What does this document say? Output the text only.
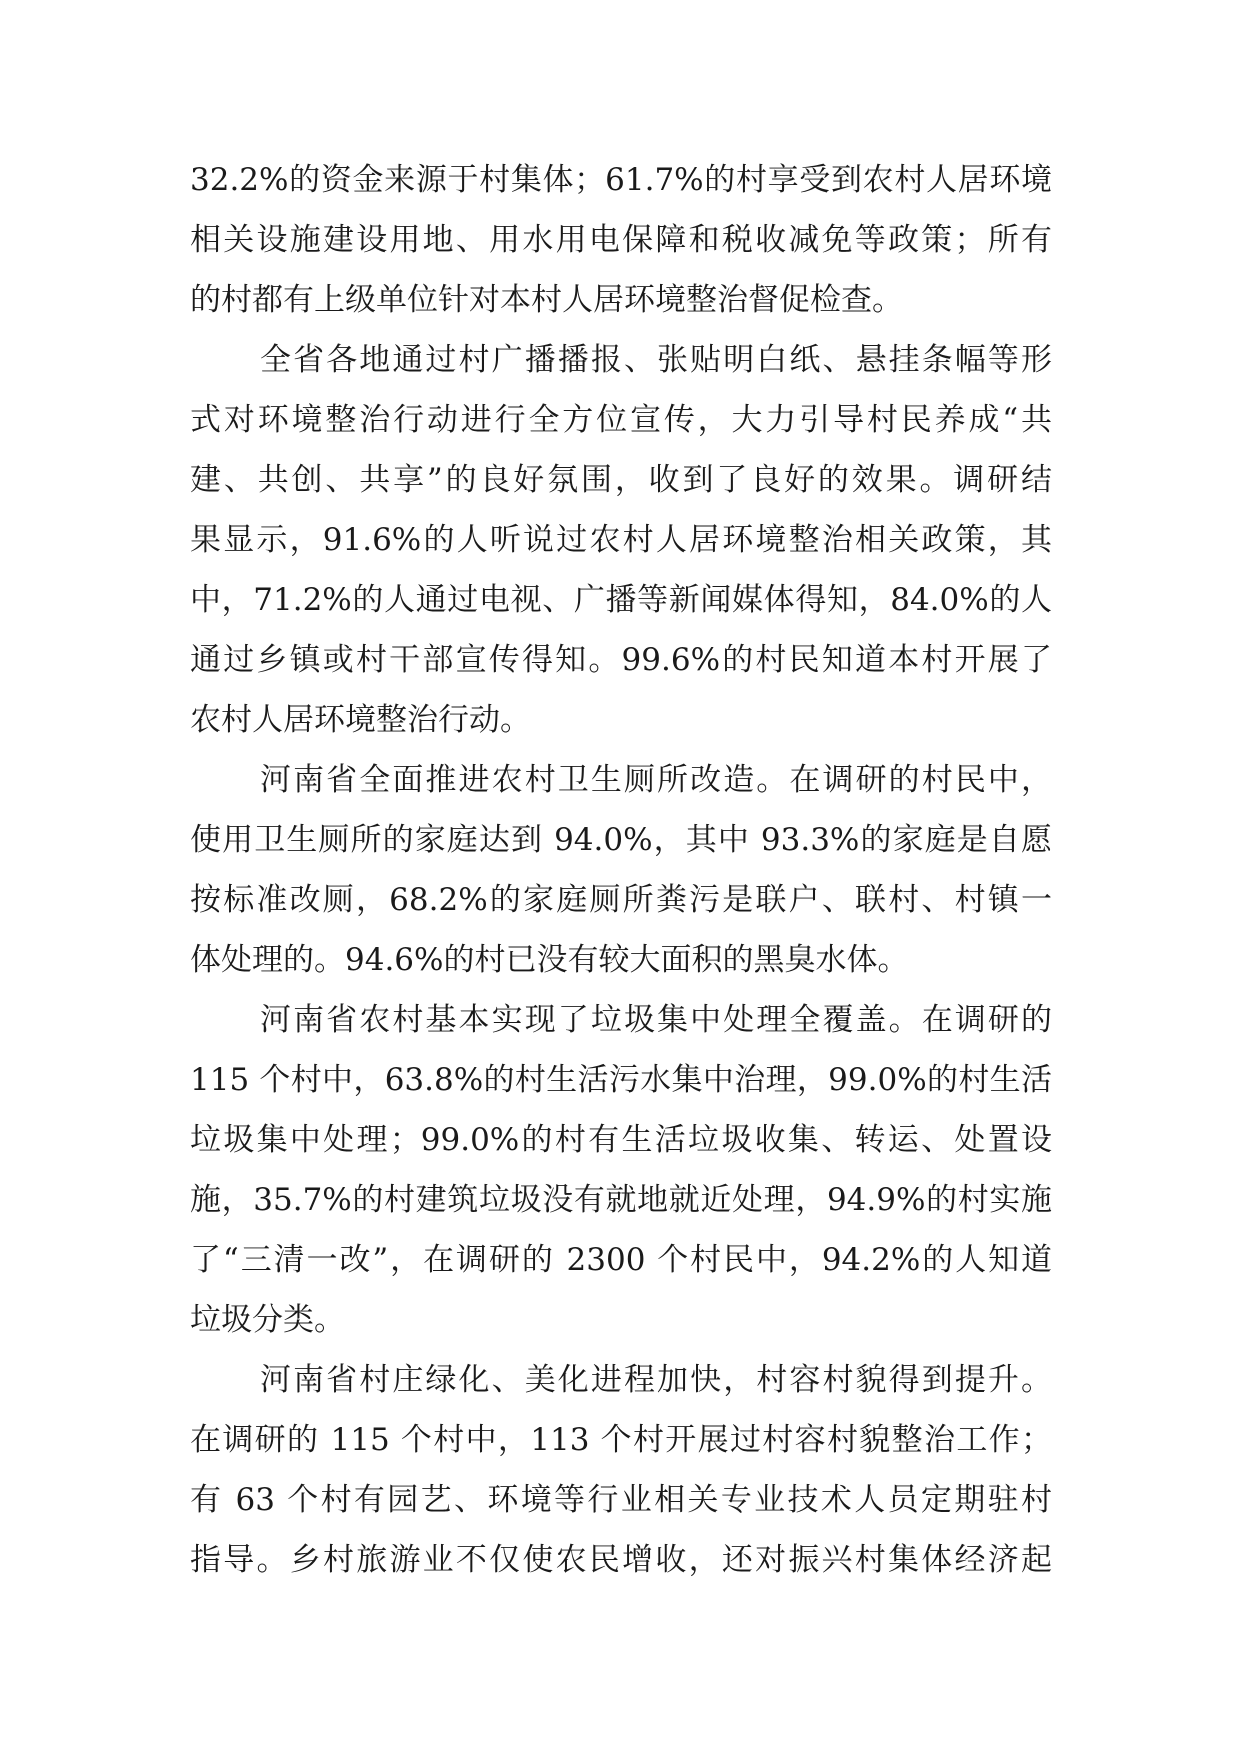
32.2%的资金来源于村集体；61.7%的村享受到农村人居环境
相关设施建设用地、用水用电保障和税收减免等政策；所有
的村都有上级单位针对本村人居环境整治督促检查。
全省各地通过村广播播报、张贴明白纸、悬挂条幅等形
式对环境整治行动进行全方位宣传，大力引导村民养成“共
建、共创、共享”的良好氛围，收到了良好的效果。调研结
果显示，91.6%的人听说过农村人居环境整治相关政策，其
中，71.2%的人通过电视、广播等新闻媒体得知，84.0%的人
通过乡镇或村干部宣传得知。99.6%的村民知道本村开展了
农村人居环境整治行动。
河南省全面推进农村卫生厕所改造。在调研的村民中，
使用卫生厕所的家庭达到 94.0%，其中 93.3%的家庭是自愿
按标准改厕，68.2%的家庭厕所粪污是联户、联村、村镇一
体处理的。94.6%的村已没有较大面积的黑臭水体。
河南省农村基本实现了垃圾集中处理全覆盖。在调研的
115 个村中，63.8%的村生活污水集中治理，99.0%的村生活
垃圾集中处理；99.0%的村有生活垃圾收集、转运、处置设
施，35.7%的村建筑垃圾没有就地就近处理，94.9%的村实施
了“三清一改”，在调研的 2300 个村民中，94.2%的人知道
垃圾分类。
河南省村庄绿化、美化进程加快，村容村貌得到提升。
在调研的 115 个村中，113 个村开展过村容村貌整治工作；
有 63 个村有园艺、环境等行业相关专业技术人员定期驻村
指导。乡村旅游业不仅使农民增收，还对振兴村集体经济起
